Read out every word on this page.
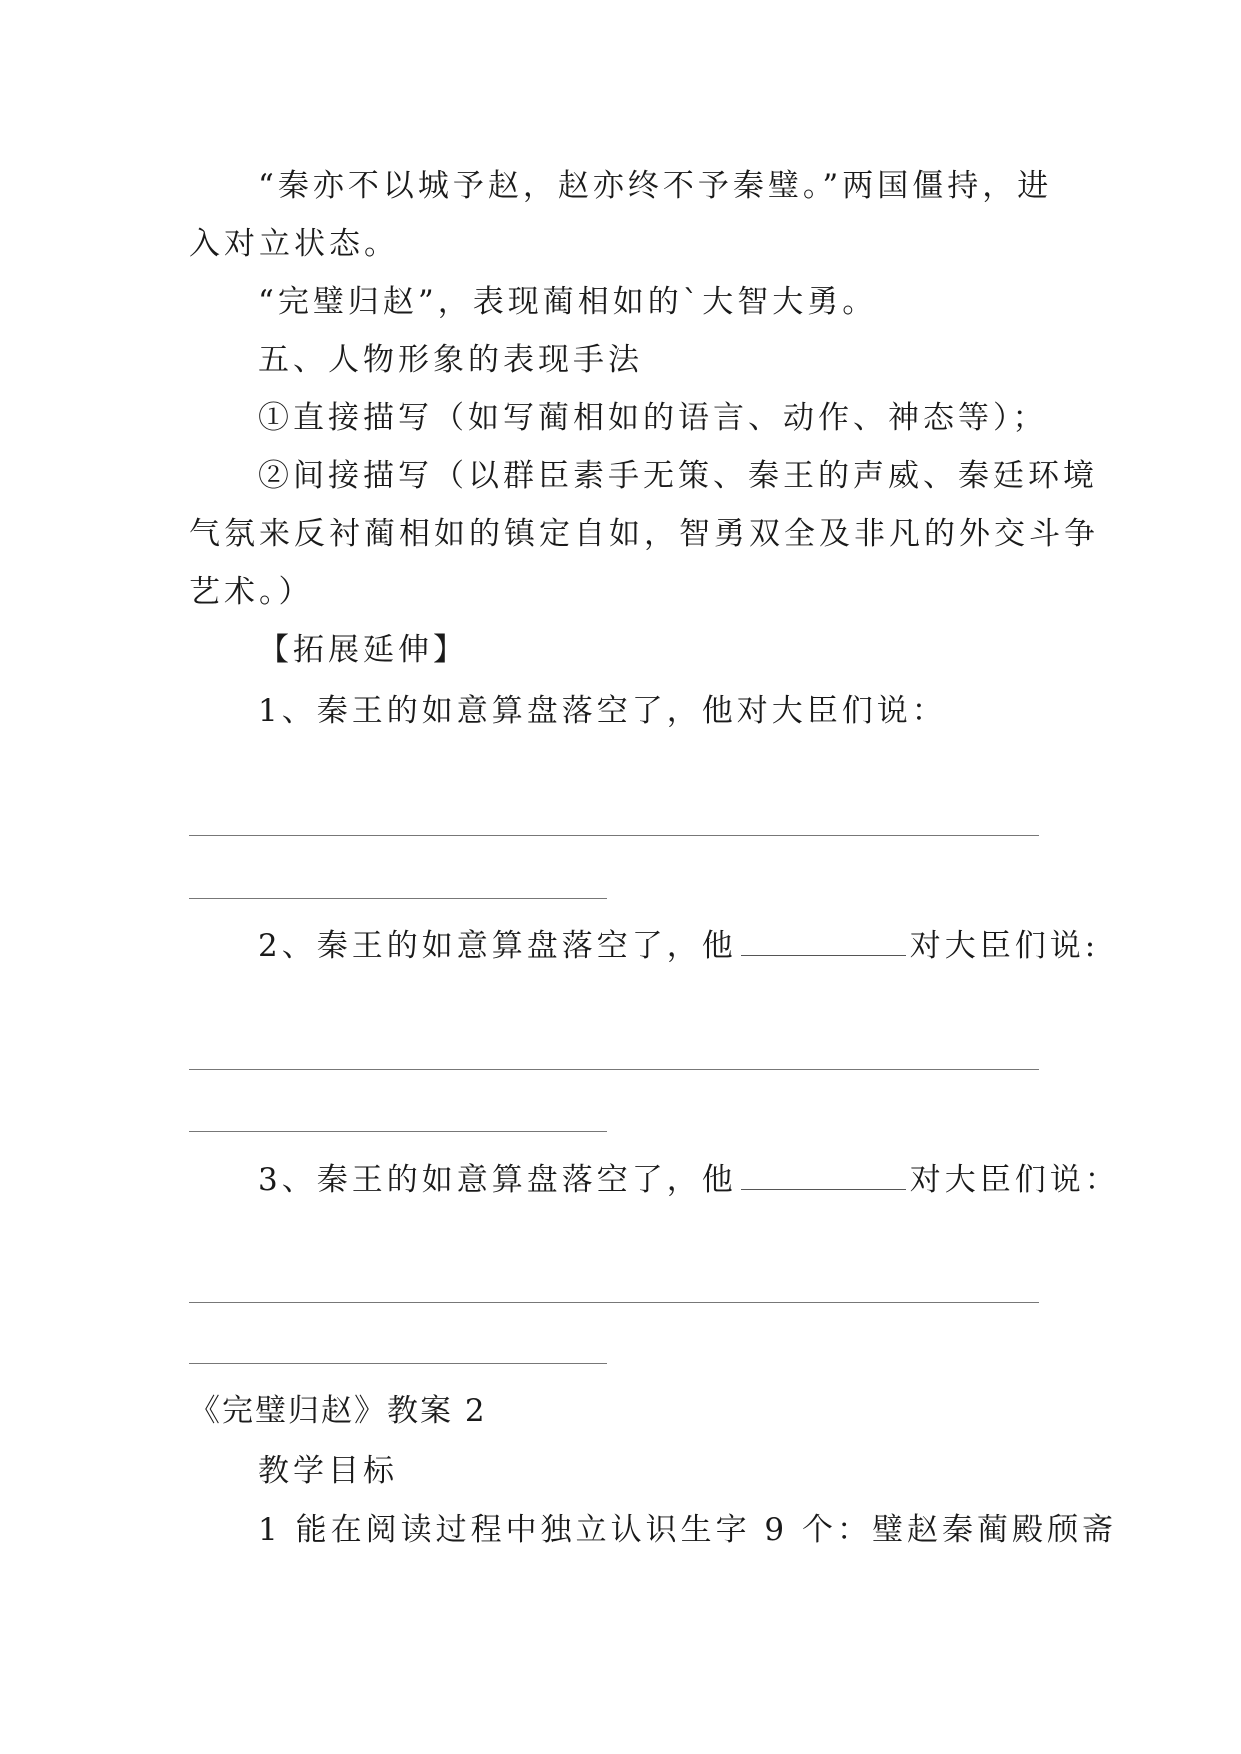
“秦亦不以城予赵，赵亦终不予秦璧。”两国僵持，进
入对立状态。
“完璧归赵”，表现蔺相如的`大智大勇。
五、人物形象的表现手法
①直接描写（如写蔺相如的语言、动作、神态等）；
②间接描写（以群臣素手无策、秦王的声威、秦廷环境
气氛来反衬蔺相如的镇定自如，智勇双全及非凡的外交斗争
艺术。）
【拓展延伸】
1、秦王的如意算盘落空了，他对大臣们说：
2、秦王的如意算盘落空了，他	对大臣们说:
3、秦王的如意算盘落空了，他	对大臣们说：
《完璧归赵》教案 2
教学目标
1 能在阅读过程中独立认识生字 9 个：璧赵秦蔺殿颀斋
